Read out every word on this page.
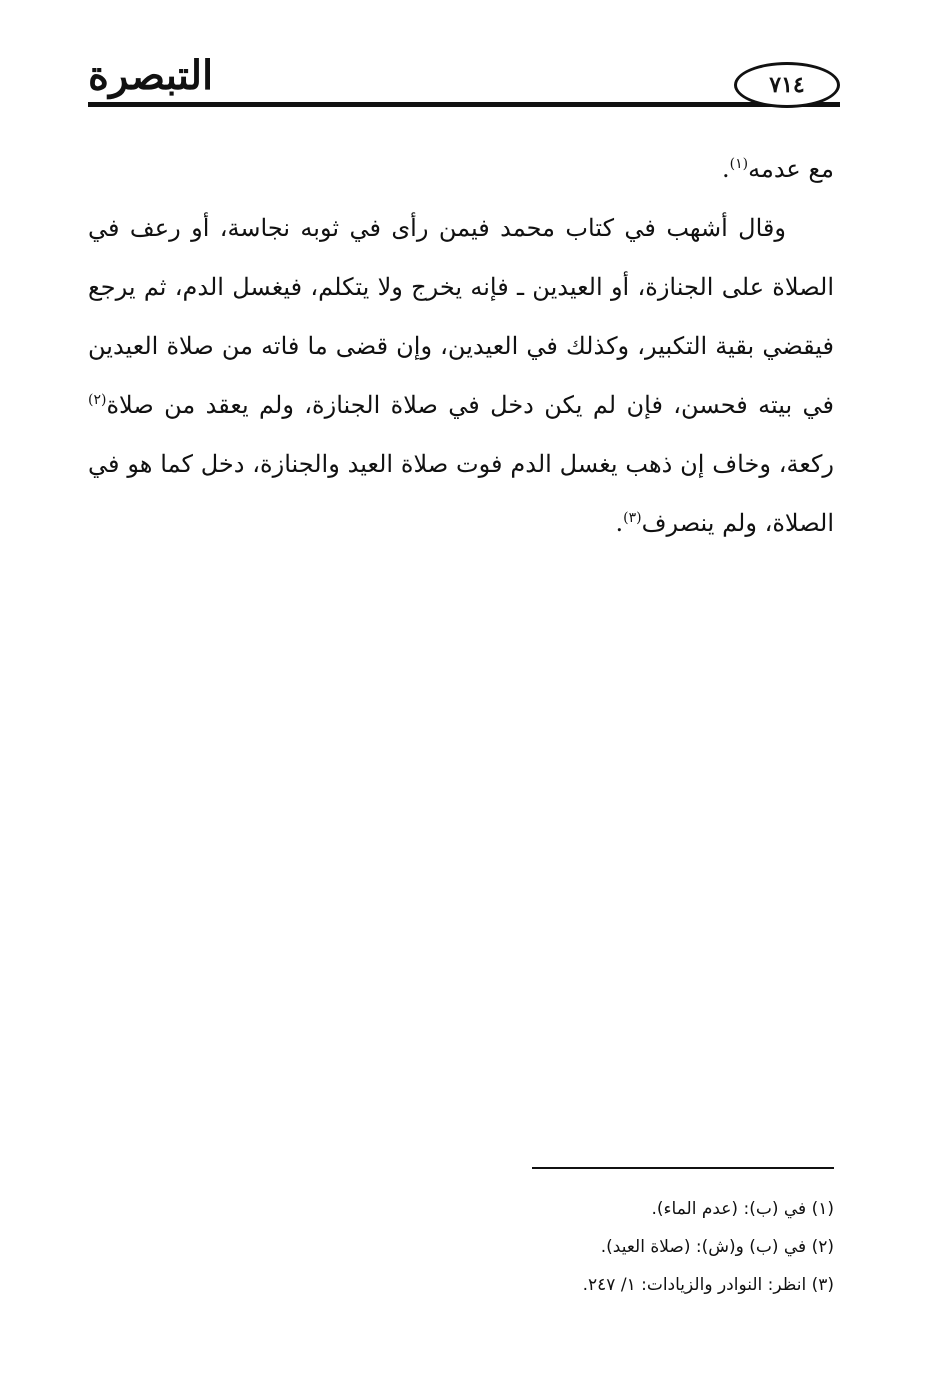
التبصرة	٧١٤

مع عدمه$^{(١)}$.

وقال أشهب في كتاب محمد فيمن رأى في ثوبه نجاسة، أو رعف في الصلاة على الجنازة، أو العيدين ـ فإنه يخرج ولا يتكلم، فيغسل الدم، ثم يرجع فيقضي بقية التكبير، وكذلك في العيدين، وإن قضى ما فاته من صلاة العيدين في بيته فحسن، فإن لم يكن دخل في صلاة الجنازة، ولم يعقد من صلاة$^{(٢)}$ ركعة، وخاف إن ذهب يغسل الدم فوت صلاة العيد والجنازة، دخل كما هو في الصلاة، ولم ينصرف$^{(٣)}$.

(١) في (ب): (عدم الماء).
(٢) في (ب) و(ش): (صلاة العيد).
(٣) انظر: النوادر والزيادات: ١/ ٢٤٧.
